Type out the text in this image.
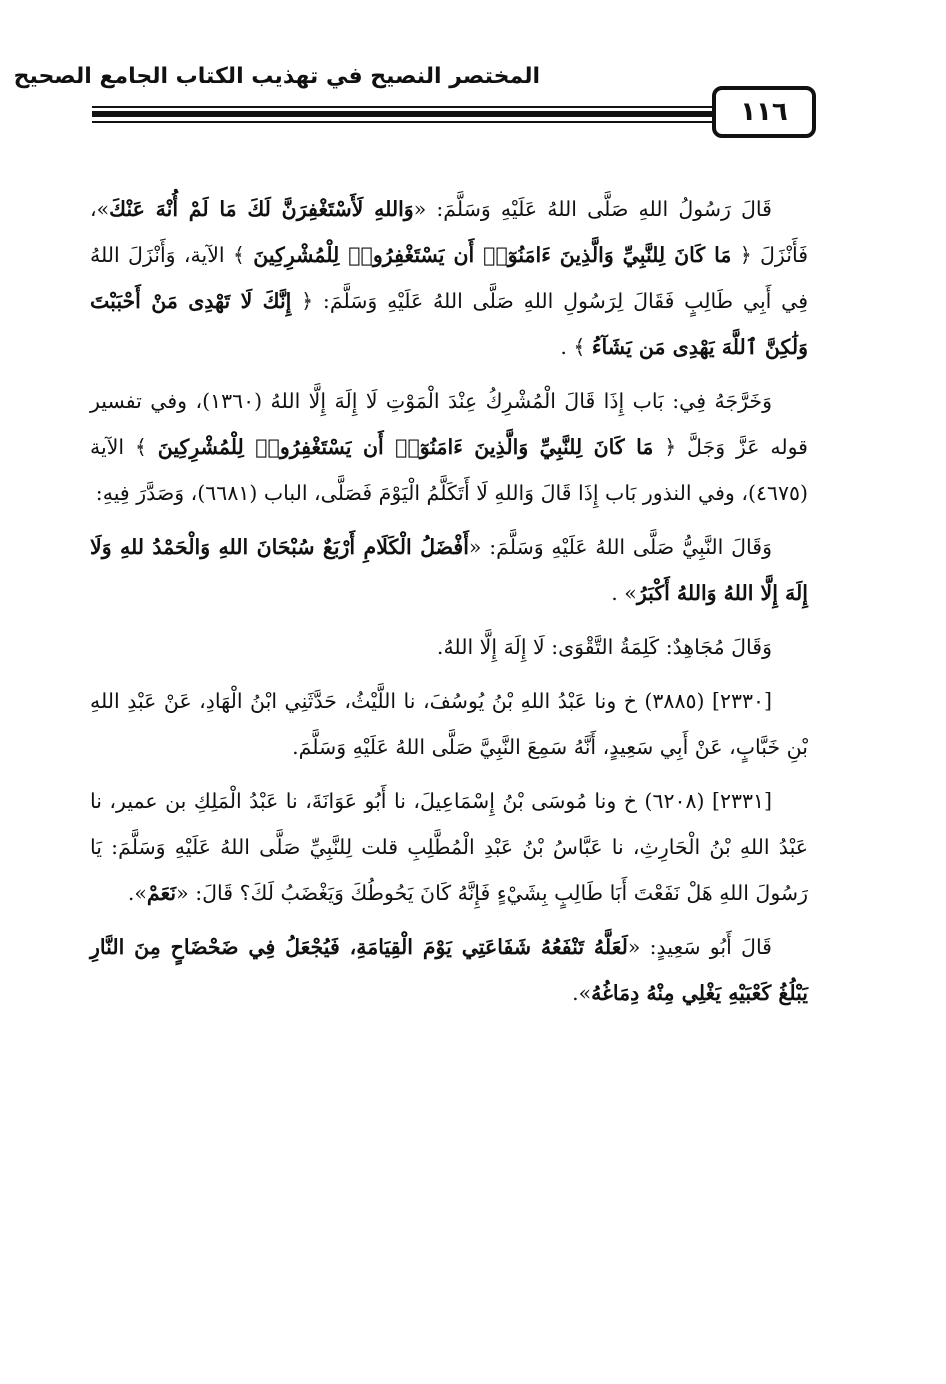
المختصر النصيح في تهذيب الكتاب الجامع الصحيح
١١٦

قَالَ رَسُولُ اللهِ صَلَّى اللهُ عَلَيْهِ وَسَلَّمَ: «وَاللهِ لَأَسْتَغْفِرَنَّ لَكَ مَا لَمْ أُنْهَ عَنْكَ»، فَأَنْزَلَ ﴿ مَا كَانَ لِلنَّبِيِّ وَالَّذِينَ ءَامَنُوٓا۟ أَن يَسْتَغْفِرُوا۟ لِلْمُشْرِكِينَ ﴾ الآية، وَأَنْزَلَ اللهُ فِي أَبِي طَالِبٍ فَقَالَ لِرَسُولِ اللهِ صَلَّى اللهُ عَلَيْهِ وَسَلَّمَ: ﴿ إِنَّكَ لَا تَهْدِى مَنْ أَحْبَبْتَ وَلَٰكِنَّ ٱللَّهَ يَهْدِى مَن يَشَآءُ ﴾ .

وَخَرَّجَهُ فِي: بَاب إِذَا قَالَ الْمُشْرِكُ عِنْدَ الْمَوْتِ لَا إِلَهَ إِلَّا اللهُ (١٣٦٠)، وفي تفسير قوله عَزَّ وَجَلَّ ﴿ مَا كَانَ لِلنَّبِيِّ وَالَّذِينَ ءَامَنُوٓا۟ أَن يَسْتَغْفِرُوا۟ لِلْمُشْرِكِينَ ﴾ الآية (٤٦٧٥)، وفي النذور بَاب إِذَا قَالَ وَاللهِ لَا أَتَكَلَّمُ الْيَوْمَ فَصَلَّى، الباب (٦٦٨١)، وَصَدَّرَ فِيهِ:

وَقَالَ النَّبِيُّ صَلَّى اللهُ عَلَيْهِ وَسَلَّمَ: «أَفْضَلُ الْكَلَامِ أَرْبَعٌ سُبْحَانَ اللهِ وَالْحَمْدُ للهِ وَلَا إِلَهَ إِلَّا اللهُ وَاللهُ أَكْبَرُ» .

وَقَالَ مُجَاهِدٌ: كَلِمَةُ التَّقْوَى: لَا إِلَهَ إِلَّا اللهُ.

[٢٣٣٠] (٣٨٨٥) خ ونا عَبْدُ اللهِ بْنُ يُوسُفَ، نا اللَّيْثُ، حَدَّثَنِي ابْنُ الْهَادِ، عَنْ عَبْدِ اللهِ بْنِ خَبَّابٍ، عَنْ أَبِي سَعِيدٍ، أَنَّهُ سَمِعَ النَّبِيَّ صَلَّى اللهُ عَلَيْهِ وَسَلَّمَ.

[٢٣٣١] (٦٢٠٨) خ ونا مُوسَى بْنُ إِسْمَاعِيلَ، نا أَبُو عَوَانَةَ، نا عَبْدُ الْمَلِكِ بن عمير، نا عَبْدُ اللهِ بْنُ الْحَارِثِ، نا عَبَّاسُ بْنُ عَبْدِ الْمُطَّلِبِ قلت لِلنَّبِيِّ صَلَّى اللهُ عَلَيْهِ وَسَلَّمَ: يَا رَسُولَ اللهِ هَلْ نَفَعْتَ أَبَا طَالِبٍ بِشَيْءٍ فَإِنَّهُ كَانَ يَحُوطُكَ وَيَغْضَبُ لَكَ؟ قَالَ: «نَعَمْ».

قَالَ أَبُو سَعِيدٍ: «لَعَلَّهُ تَنْفَعُهُ شَفَاعَتِي يَوْمَ الْقِيَامَةِ، فَيُجْعَلُ فِي ضَحْضَاحٍ مِنَ النَّارِ يَبْلُغُ كَعْبَيْهِ يَغْلِي مِنْهُ دِمَاغُهُ».
